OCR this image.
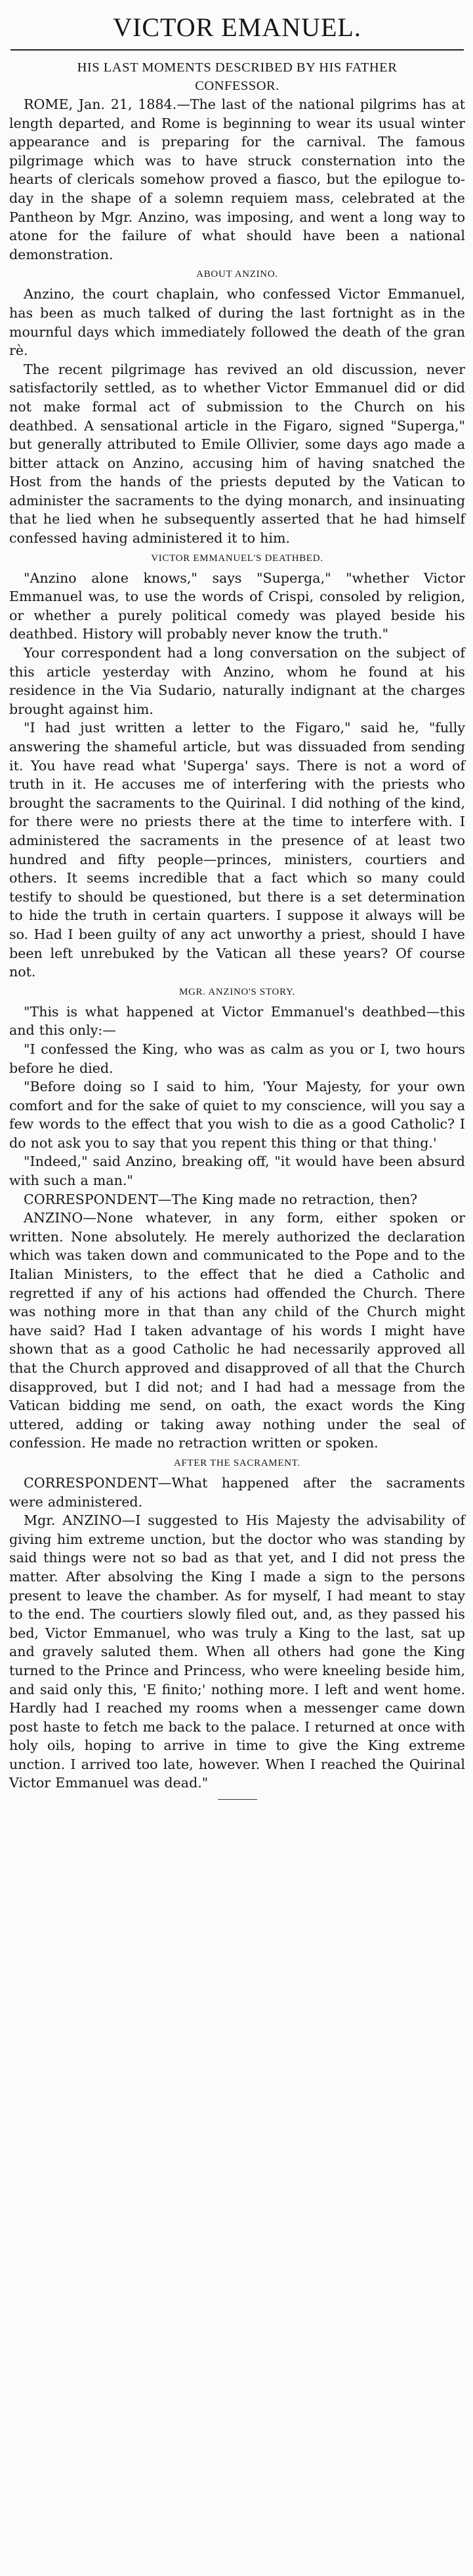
VICTOR EMANUEL.
HIS LAST MOMENTS DESCRIBED BY HIS FATHER
CONFESSOR.

ROME, Jan. 21, 1884.—The last of the national pilgrims has at length departed, and Rome is beginning to wear its usual winter appearance and is preparing for the carnival. The famous pilgrimage which was to have struck consternation into the hearts of clericals somehow proved a fiasco, but the epilogue to-day in the shape of a solemn requiem mass, celebrated at the Pantheon by Mgr. Anzino, was imposing, and went a long way to atone for the failure of what should have been a national demonstration.

ABOUT ANZINO.

Anzino, the court chaplain, who confessed Victor Emmanuel, has been as much talked of during the last fortnight as in the mournful days which immediately followed the death of the gran rè.

The recent pilgrimage has revived an old discussion, never satisfactorily settled, as to whether Victor Emmanuel did or did not make formal act of submission to the Church on his deathbed. A sensational article in the Figaro, signed "Superga," but generally attributed to Emile Ollivier, some days ago made a bitter attack on Anzino, accusing him of having snatched the Host from the hands of the priests deputed by the Vatican to administer the sacraments to the dying monarch, and insinuating that he lied when he subsequently asserted that he had himself confessed having administered it to him.

VICTOR EMMANUEL'S DEATHBED.

"Anzino alone knows," says "Superga," "whether Victor Emmanuel was, to use the words of Crispi, consoled by religion, or whether a purely political comedy was played beside his deathbed. History will probably never know the truth."

Your correspondent had a long conversation on the subject of this article yesterday with Anzino, whom he found at his residence in the Via Sudario, naturally indignant at the charges brought against him.

"I had just written a letter to the Figaro," said he, "fully answering the shameful article, but was dissuaded from sending it. You have read what 'Superga' says. There is not a word of truth in it. He accuses me of interfering with the priests who brought the sacraments to the Quirinal. I did nothing of the kind, for there were no priests there at the time to interfere with. I administered the sacraments in the presence of at least two hundred and fifty people—princes, ministers, courtiers and others. It seems incredible that a fact which so many could testify to should be questioned, but there is a set determination to hide the truth in certain quarters. I suppose it always will be so. Had I been guilty of any act unworthy a priest, should I have been left unrebuked by the Vatican all these years? Of course not.

MGR. ANZINO'S STORY.

"This is what happened at Victor Emmanuel's deathbed—this and this only:—

"I confessed the King, who was as calm as you or I, two hours before he died.

"Before doing so I said to him, 'Your Majesty, for your own comfort and for the sake of quiet to my conscience, will you say a few words to the effect that you wish to die as a good Catholic? I do not ask you to say that you repent this thing or that thing.'

"Indeed," said Anzino, breaking off, "it would have been absurd with such a man."

CORRESPONDENT—The King made no retraction, then?

ANZINO—None whatever, in any form, either spoken or written. None absolutely. He merely authorized the declaration which was taken down and communicated to the Pope and to the Italian Ministers, to the effect that he died a Catholic and regretted if any of his actions had offended the Church. There was nothing more in that than any child of the Church might have said? Had I taken advantage of his words I might have shown that as a good Catholic he had necessarily approved all that the Church approved and disapproved of all that the Church disapproved, but I did not; and I had had a message from the Vatican bidding me send, on oath, the exact words the King uttered, adding or taking away nothing under the seal of confession. He made no retraction written or spoken.

AFTER THE SACRAMENT.

CORRESPONDENT—What happened after the sacraments were administered.

Mgr. ANZINO—I suggested to His Majesty the advisability of giving him extreme unction, but the doctor who was standing by said things were not so bad as that yet, and I did not press the matter. After absolving the King I made a sign to the persons present to leave the chamber. As for myself, I had meant to stay to the end. The courtiers slowly filed out, and, as they passed his bed, Victor Emmanuel, who was truly a King to the last, sat up and gravely saluted them. When all others had gone the King turned to the Prince and Princess, who were kneeling beside him, and said only this, 'E finito;' nothing more. I left and went home. Hardly had I reached my rooms when a messenger came down post haste to fetch me back to the palace. I returned at once with holy oils, hoping to arrive in time to give the King extreme unction. I arrived too late, however. When I reached the Quirinal Victor Emmanuel was dead."
